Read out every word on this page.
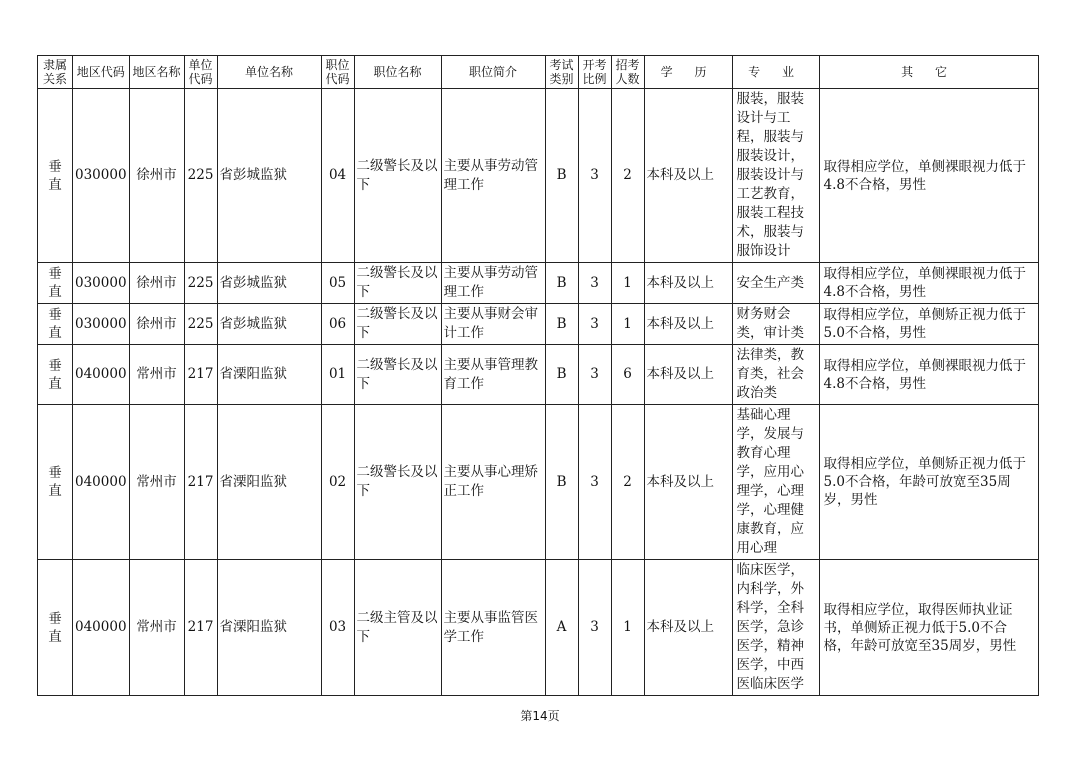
隶属关系	地区代码	地区名称	单位代码	单位名称	职位代码	职位名称	职位简介	考试类别	开考比例	招考人数	学 历	专 业	其 它
垂直	030000	徐州市	225	省彭城监狱	04	二级警长及以下	主要从事劳动管理工作	B	3	2	本科及以上	服装，服装设计与工程，服装与服装设计，服装设计与工艺教育，服装工程技术，服装与服饰设计	取得相应学位，单侧裸眼视力低于4.8不合格，男性
垂直	030000	徐州市	225	省彭城监狱	05	二级警长及以下	主要从事劳动管理工作	B	3	1	本科及以上	安全生产类	取得相应学位，单侧裸眼视力低于4.8不合格，男性
垂直	030000	徐州市	225	省彭城监狱	06	二级警长及以下	主要从事财会审计工作	B	3	1	本科及以上	财务财会类，审计类	取得相应学位，单侧矫正视力低于5.0不合格，男性
垂直	040000	常州市	217	省溧阳监狱	01	二级警长及以下	主要从事管理教育工作	B	3	6	本科及以上	法律类，教育类，社会政治类	取得相应学位，单侧裸眼视力低于4.8不合格，男性
垂直	040000	常州市	217	省溧阳监狱	02	二级警长及以下	主要从事心理矫正工作	B	3	2	本科及以上	基础心理学，发展与教育心理学，应用心理学，心理学，心理健康教育，应用心理	取得相应学位，单侧矫正视力低于5.0不合格，年龄可放宽至35周岁，男性
垂直	040000	常州市	217	省溧阳监狱	03	二级主管及以下	主要从事监管医学工作	A	3	1	本科及以上	临床医学，内科学，外科学，全科医学，急诊医学，精神医学，中西医临床医学	取得相应学位，取得医师执业证书，单侧矫正视力低于5.0不合格，年龄可放宽至35周岁，男性
第14页
